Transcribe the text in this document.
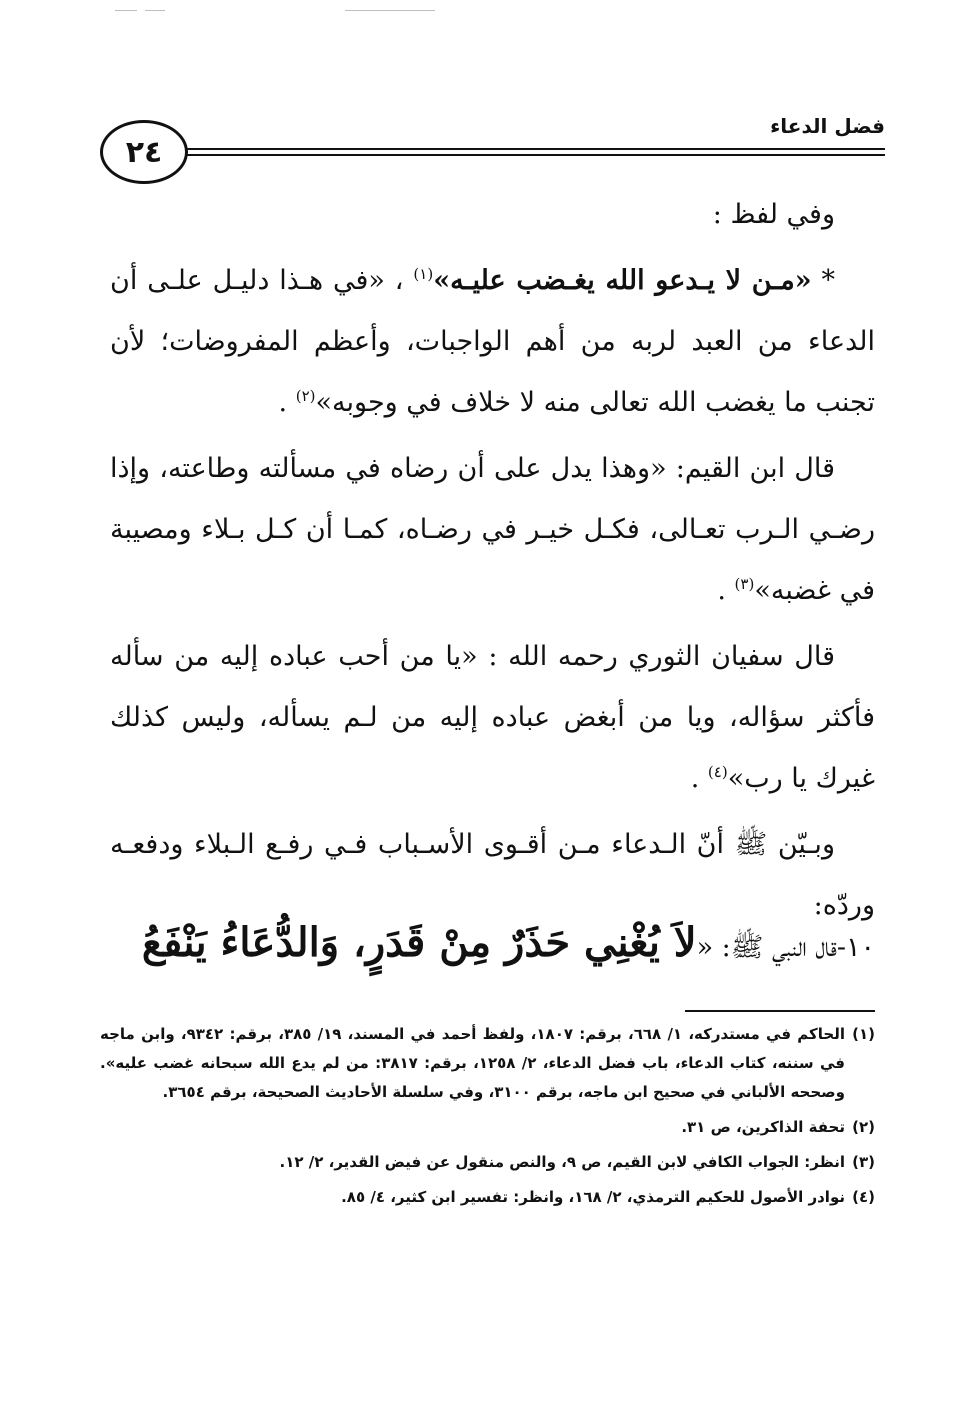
فضل الدعاء
٢٤

وفي لفظ :

* «مـن لا يـدعو الله يغـضب عليـه»$^{(١)}$ ، «في هـذا دليـل علـى أن الدعاء من العبد لربه من أهم الواجبات، وأعظم المفروضات؛ لأن تجنب ما يغضب الله تعالى منه لا خلاف في وجوبه»$^{(٢)}$ .

قال ابن القيم: «وهذا يدل على أن رضاه في مسألته وطاعته، وإذا رضـي الـرب تعـالى، فكـل خيـر في رضـاه، كمـا أن كـل بـلاء ومصيبة في غضبه»$^{(٣)}$ .

قال سفيان الثوري رحمه الله : «يا من أحب عباده إليه من سأله فأكثر سؤاله، ويا من أبغض عباده إليه من لـم يسأله، وليس كذلك غيرك يا رب»$^{(٤)}$ .

وبـيّن ﷺ أنّ الـدعاء مـن أقـوى الأسـباب فـي رفـع الـبلاء ودفعـه وردّه:

١٠-قال النبي ﷺ: «لاَ يُغْنِي حَذَرٌ مِنْ قَدَرٍ، وَالدُّعَاءُ يَنْفَعُ
(١)
الحاكم في مستدركه، ١/ ٦٦٨، برقم: ١٨٠٧، ولفظ أحمد في المسند، ١٩/ ٣٨٥، برقم: ٩٣٤٢، وابن ماجه في سننه، كتاب الدعاء، باب فضل الدعاء، ٢/ ١٢٥٨، برقم: ٣٨١٧: من لم يدع الله سبحانه غضب عليه». وصححه الألباني في صحيح ابن ماجه، برقم ٣١٠٠، وفي سلسلة الأحاديث الصحيحة، برقم ٣٦٥٤.
(٢)
تحفة الذاكرين، ص ٣١.
(٣)
انظر: الجواب الكافي لابن القيم، ص ٩، والنص منقول عن فيض القدير، ٢/ ١٢.
(٤)
نوادر الأصول للحكيم الترمذي، ٢/ ١٦٨، وانظر: تفسير ابن كثير، ٤/ ٨٥.
